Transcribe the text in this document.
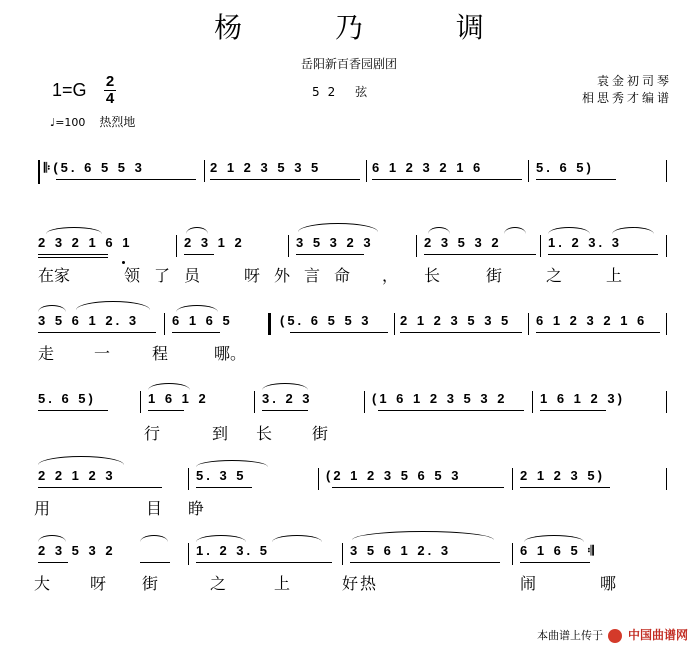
杨 乃 调
岳阳新百香园剧团
52 弦
袁金初司琴
相思秀才编谱
1=G 2
4
♩=100 热烈地
𝄆(5. 6 5 5 3	2 1 2 3 5 3 5	6 1 2 3 2 1 6	5. 6 5)
2 3 2 1 6 1	2 3 1 2	3 5 3 2 3	2 3 5 3 2	1. 2 3. 3
在家	领了员 呀外言命 ， 长	街	之	上
3 5 6 1 2. 3	6 1 6 5	(5. 6 5 5 3 2 1 2 3 5 3 5 6 1 2 3 2 1 6
走 一	程	哪。
5. 6 5)	1 6 1 2	3. 2 3	(1 6 1 2 3 5 3 2	1 6 1 2 3)
行	到 长 街
2 2 1 2 3	5. 3 5	(2 1 2 3 5 6 5 3	2 1 2 3 5)
用	目 睁
2 3 5 3 2	1. 2 3. 5	3 5 6 1 2. 3	6 1 6 5 𝄇
大 呀 街	之	上	好热	闹	哪
本曲谱上传于 中国曲谱网
